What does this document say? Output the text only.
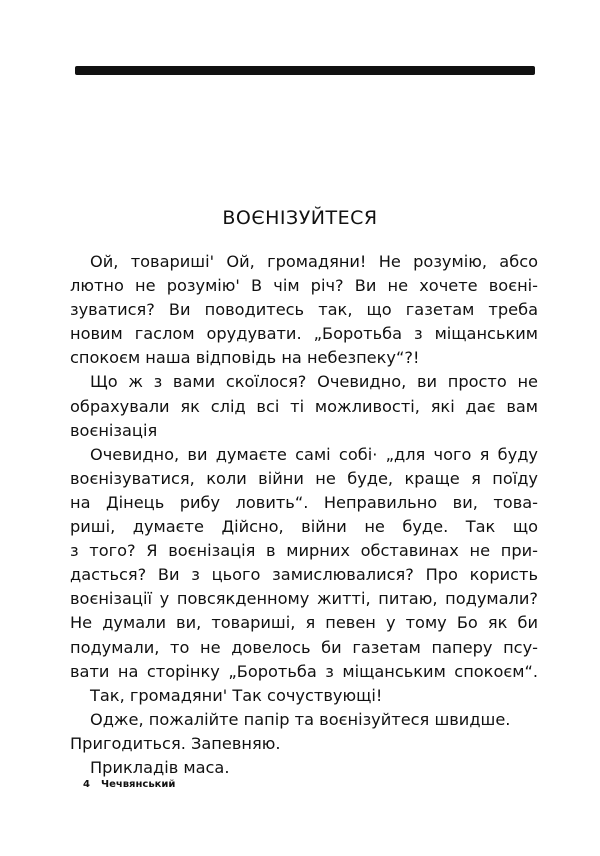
ВОЄНІЗУЙТЕСЯ
Ой, товариші' Ой, громадяни! Не розумію, абсо
лютно не розумію' В чім річ? Ви не хочете воєні-
зуватися? Ви поводитесь так, що газетам треба
новим гаслом орудувати. „Боротьба з міщанським
спокоєм наша відповідь на небезпеку“?!
Що ж з вами скоїлося? Очевидно, ви просто не
обрахували як слід всі ті можливості, які дає вам
воєнізація
Очевидно, ви думаєте самі собі· „для чого я буду
воєнізуватися, коли війни не буде, краще я поїду
на Дінець рибу ловить“. Неправильно ви, това-
риші, думаєте Дійсно, війни не буде. Так що
з того? Я воєнізація в мирних обставинах не при-
дасться? Ви з цього замислювалися? Про користь
воєнізації у повсякденному житті, питаю, подумали?
Не думали ви, товариші, я певен у тому Бо як би
подумали, то не довелось би газетам паперу псу-
вати на сторінку „Боротьба з міщанським спокоєм“.
Так, громадяни' Так сочуствующі!
Одже, пожалійте папір та воєнізуйтеся швидше.
Пригодиться. Запевняю.
Прикладів маса.
4 Чечвянський
